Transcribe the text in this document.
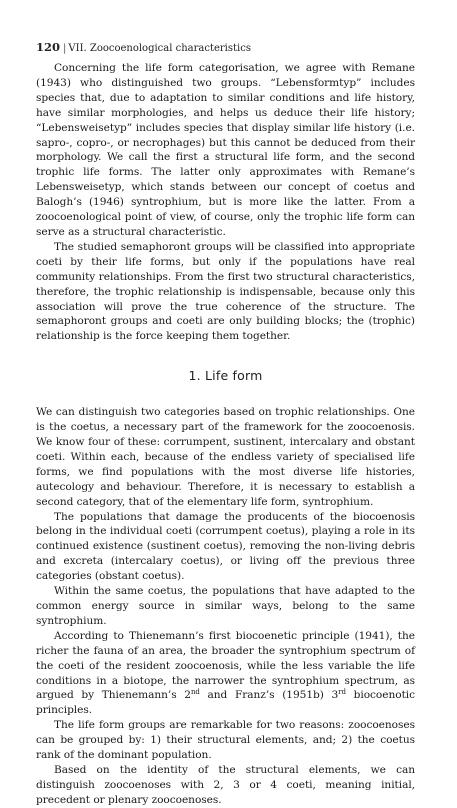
120 | VII. Zoocoenological characteristics

Concerning the life form categorisation, we agree with Remane (1943) who distinguished two groups. “Lebensformtyp” includes species that, due to adaptation to similar conditions and life history, have similar morphologies, and helps us deduce their life history; “Lebensweisetyp” includes species that display similar life history (i.e. sapro-, copro-, or necrophages) but this cannot be deduced from their morphology. We call the first a structural life form, and the second trophic life forms. The latter only approximates with Remane’s Lebensweisetyp, which stands between our concept of coetus and Balogh’s (1946) syntrophium, but is more like the latter. From a zoocoenological point of view, of course, only the trophic life form can serve as a structural characteristic.

The studied semaphoront groups will be classified into appropriate coeti by their life forms, but only if the populations have real community relationships. From the first two structural characteristics, therefore, the trophic relationship is indispensable, because only this association will prove the true coherence of the structure. The semaphoront groups and coeti are only building blocks; the (trophic) relationship is the force keeping them together.

1. Life form

We can distinguish two categories based on trophic relationships. One is the coetus, a necessary part of the framework for the zoocoenosis. We know four of these: corrumpent, sustinent, intercalary and obstant coeti. Within each, because of the endless variety of specialised life forms, we find populations with the most diverse life histories, autecology and behaviour. Therefore, it is necessary to establish a second category, that of the elementary life form, syntrophium.

The populations that damage the producents of the biocoenosis belong in the individual coeti (corrumpent coetus), playing a role in its continued existence (sustinent coetus), removing the non-living debris and excreta (intercalary coetus), or living off the previous three categories (obstant coetus).

Within the same coetus, the populations that have adapted to the common energy source in similar ways, belong to the same syntrophium.

According to Thienemann’s first biocoenetic principle (1941), the richer the fauna of an area, the broader the syntrophium spectrum of the coeti of the resident zoocoenosis, while the less variable the life conditions in a biotope, the narrower the syntrophium spectrum, as argued by Thienemann’s 2nd and Franz’s (1951b) 3rd biocoenotic principles.

The life form groups are remarkable for two reasons: zoocoenoses can be grouped by: 1) their structural elements, and; 2) the coetus rank of the dominant population.

Based on the identity of the structural elements, we can distinguish zoocoenoses with 2, 3 or 4 coeti, meaning initial, precedent or plenary zoocoenoses.
